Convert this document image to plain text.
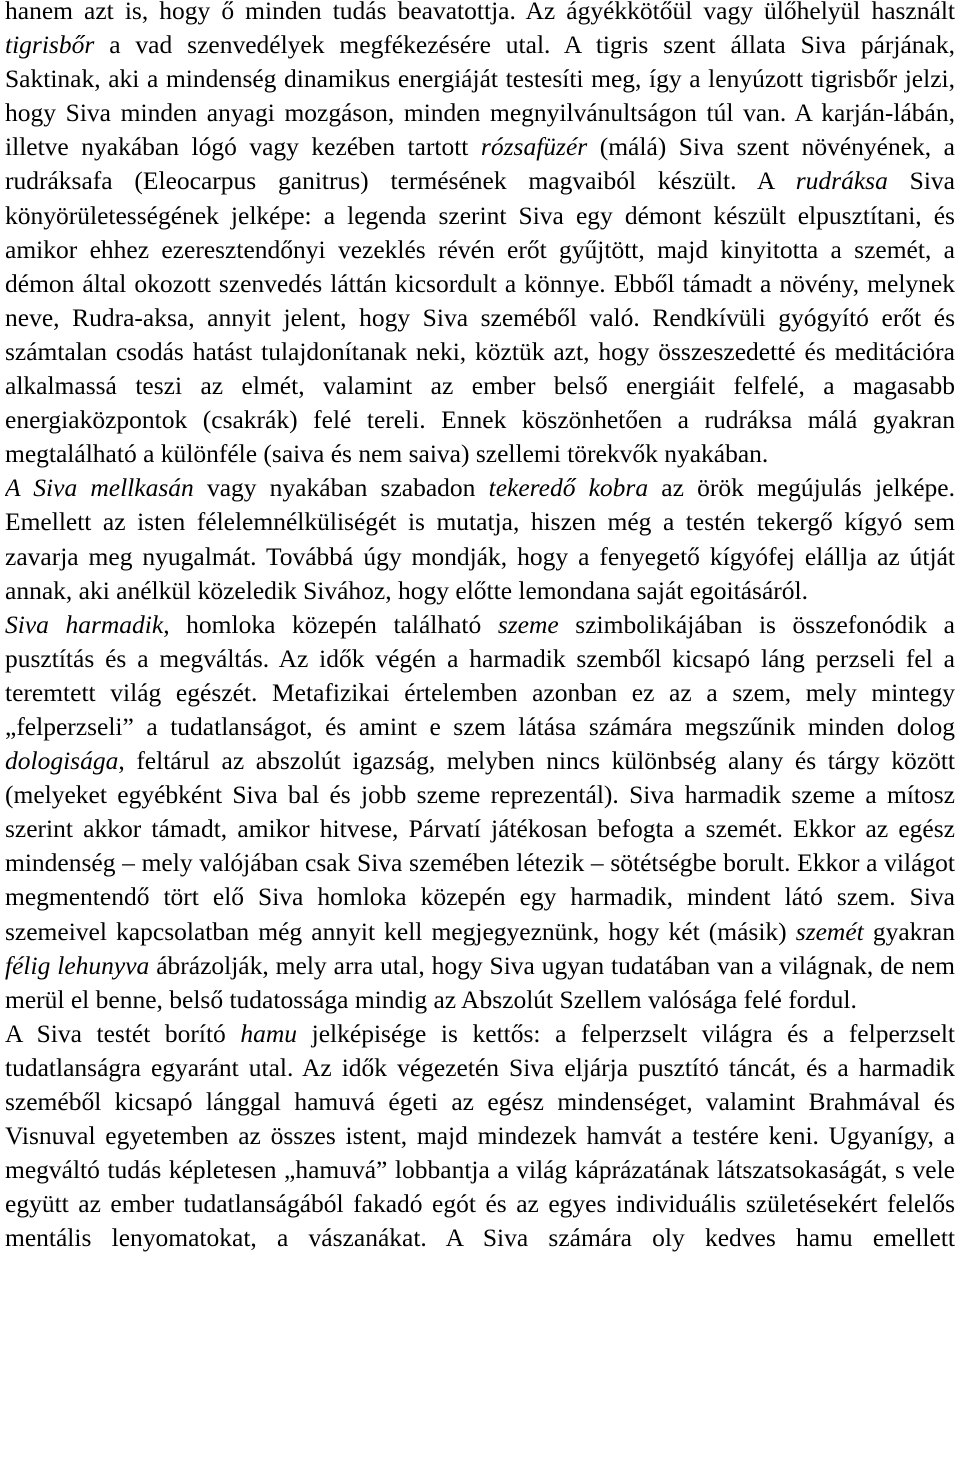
hanem azt is, hogy ő minden tudás beavatottja. Az ágyékkötőül vagy ülőhelyül használt tigrisbőr a vad szenvedélyek megfékezésére utal. A tigris szent állata Siva párjának, Saktinak, aki a mindenség dinamikus energiáját testesíti meg, így a lenyúzott tigrisbőr jelzi, hogy Siva minden anyagi mozgáson, minden megnyilvánultságon túl van. A karján-lábán, illetve nyakában lógó vagy kezében tartott rózsafüzér (málá) Siva szent növényének, a rudráksafa (Eleocarpus ganitrus) termésének magvaiból készült. A rudráksa Siva könyörületességének jelképe: a legenda szerint Siva egy démont készült elpusztítani, és amikor ehhez ezeresztendőnyi vezeklés révén erőt gyűjtött, majd kinyitotta a szemét, a démon által okozott szenvedés láttán kicsordult a könnye. Ebből támadt a növény, melynek neve, Rudra-aksa, annyit jelent, hogy Siva szeméből való. Rendkívüli gyógyító erőt és számtalan csodás hatást tulajdonítanak neki, köztük azt, hogy összeszedetté és meditációra alkalmassá teszi az elmét, valamint az ember belső energiáit felfelé, a magasabb energiaközpontok (csakrák) felé tereli. Ennek köszönhetően a rudráksa málá gyakran megtalálható a különféle (saiva és nem saiva) szellemi törekvők nyakában.

A Siva mellkasán vagy nyakában szabadon tekeredő kobra az örök megújulás jelképe. Emellett az isten félelemnélküliségét is mutatja, hiszen még a testén tekergő kígyó sem zavarja meg nyugalmát. Továbbá úgy mondják, hogy a fenyegető kígyófej elállja az útját annak, aki anélkül közeledik Sivához, hogy előtte lemondana saját egoitásáról.

Siva harmadik, homloka közepén található szeme szimbolikájában is összefonódik a pusztítás és a megváltás. Az idők végén a harmadik szemből kicsapó láng perzseli fel a teremtett világ egészét. Metafizikai értelemben azonban ez az a szem, mely mintegy „felperzseli” a tudatlanságot, és amint e szem látása számára megszűnik minden dolog dologisága, feltárul az abszolút igazság, melyben nincs különbség alany és tárgy között (melyeket egyébként Siva bal és jobb szeme reprezentál). Siva harmadik szeme a mítosz szerint akkor támadt, amikor hitvese, Párvatí játékosan befogta a szemét. Ekkor az egész mindenség – mely valójában csak Siva szemében létezik – sötétségbe borult. Ekkor a világot megmentendő tört elő Siva homloka közepén egy harmadik, mindent látó szem. Siva szemeivel kapcsolatban még annyit kell megjegyeznünk, hogy két (másik) szemét gyakran félig lehunyva ábrázolják, mely arra utal, hogy Siva ugyan tudatában van a világnak, de nem merül el benne, belső tudatossága mindig az Abszolút Szellem valósága felé fordul.

A Siva testét borító hamu jelképisége is kettős: a felperzselt világra és a felperzselt tudatlanságra egyaránt utal. Az idők végezetén Siva eljárja pusztító táncát, és a harmadik szeméből kicsapó lánggal hamuvá égeti az egész mindenséget, valamint Brahmával és Visnuval egyetemben az összes istent, majd mindezek hamvát a testére keni. Ugyanígy, a megváltó tudás képletesen „hamuvá” lobbantja a világ káprázatának látszatsokaságát, s vele együtt az ember tudatlanságából fakadó egót és az egyes individuális születésekért felelős mentális lenyomatokat, a vászanákat. A Siva számára oly kedves hamu emellett
